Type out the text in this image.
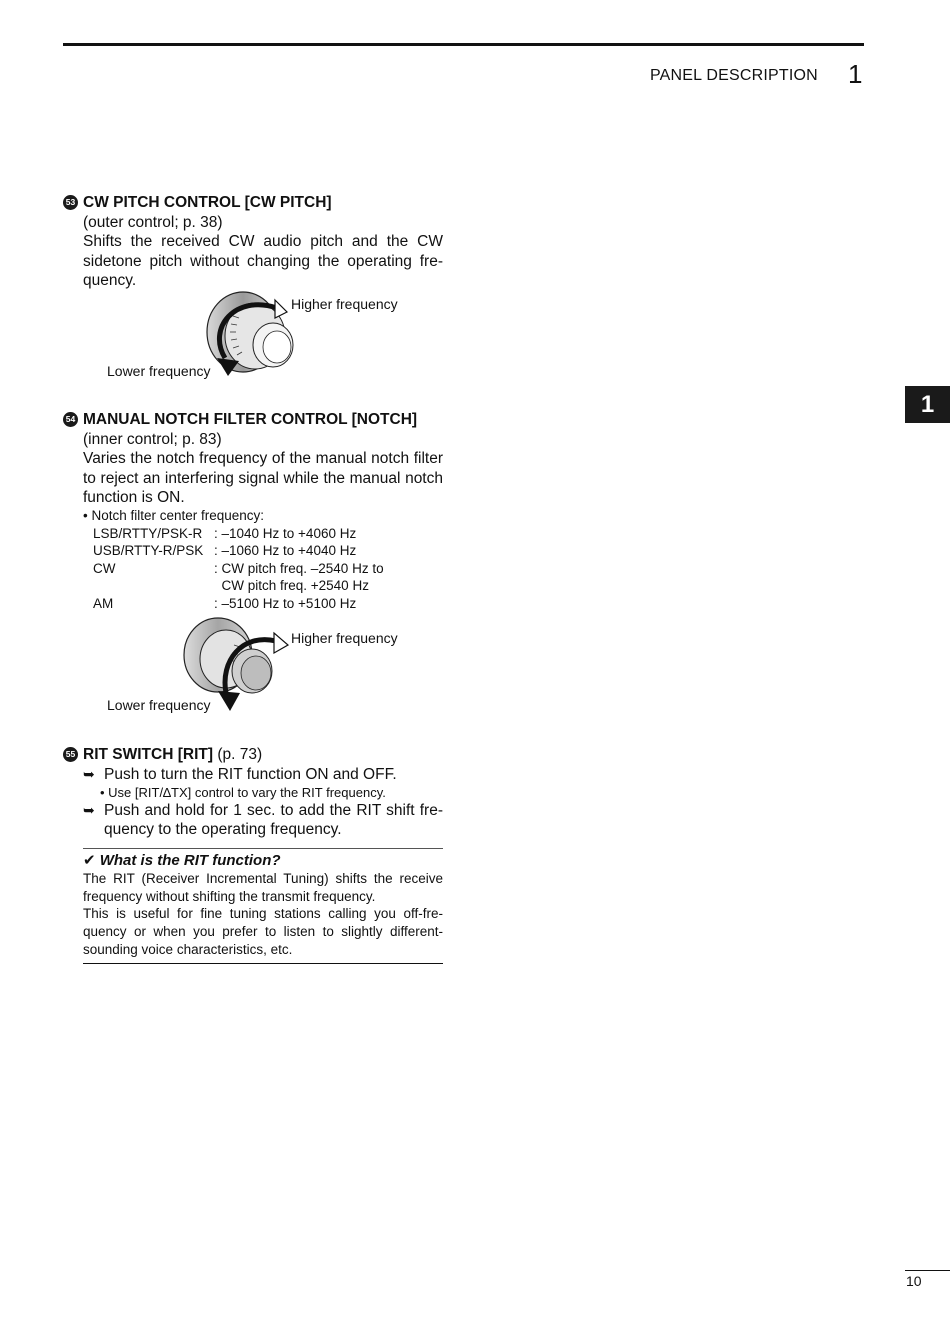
PANEL DESCRIPTION 1
1
53 CW PITCH CONTROL [CW PITCH]
(outer control; p. 38)
Shifts the received CW audio pitch and the CW sidetone pitch without changing the operating fre-quency.
Higher frequency
Lower frequency
54 MANUAL NOTCH FILTER CONTROL [NOTCH]
(inner control; p. 83)
Varies the notch frequency of the manual notch filter to reject an interfering signal while the manual notch function is ON.
• Notch filter center frequency:
LSB/RTTY/PSK-R : –1040 Hz to +4060 Hz
USB/RTTY-R/PSK : –1060 Hz to +4040 Hz
CW	: CW pitch freq. –2540 Hz to
CW pitch freq. +2540 Hz
AM	: –5100 Hz to +5100 Hz
Higher frequency
Lower frequency
55 RIT SWITCH [RIT] (p. 73)
➥ Push to turn the RIT function ON and OFF.
• Use [RIT/∆TX] control to vary the RIT frequency.
➥ Push and hold for 1 sec. to add the RIT shift fre-quency to the operating frequency.
✔ What is the RIT function?
The RIT (Receiver Incremental Tuning) shifts the receive frequency without shifting the transmit frequency.
This is useful for fine tuning stations calling you off-fre-quency or when you prefer to listen to slightly different-sounding voice characteristics, etc.
10
